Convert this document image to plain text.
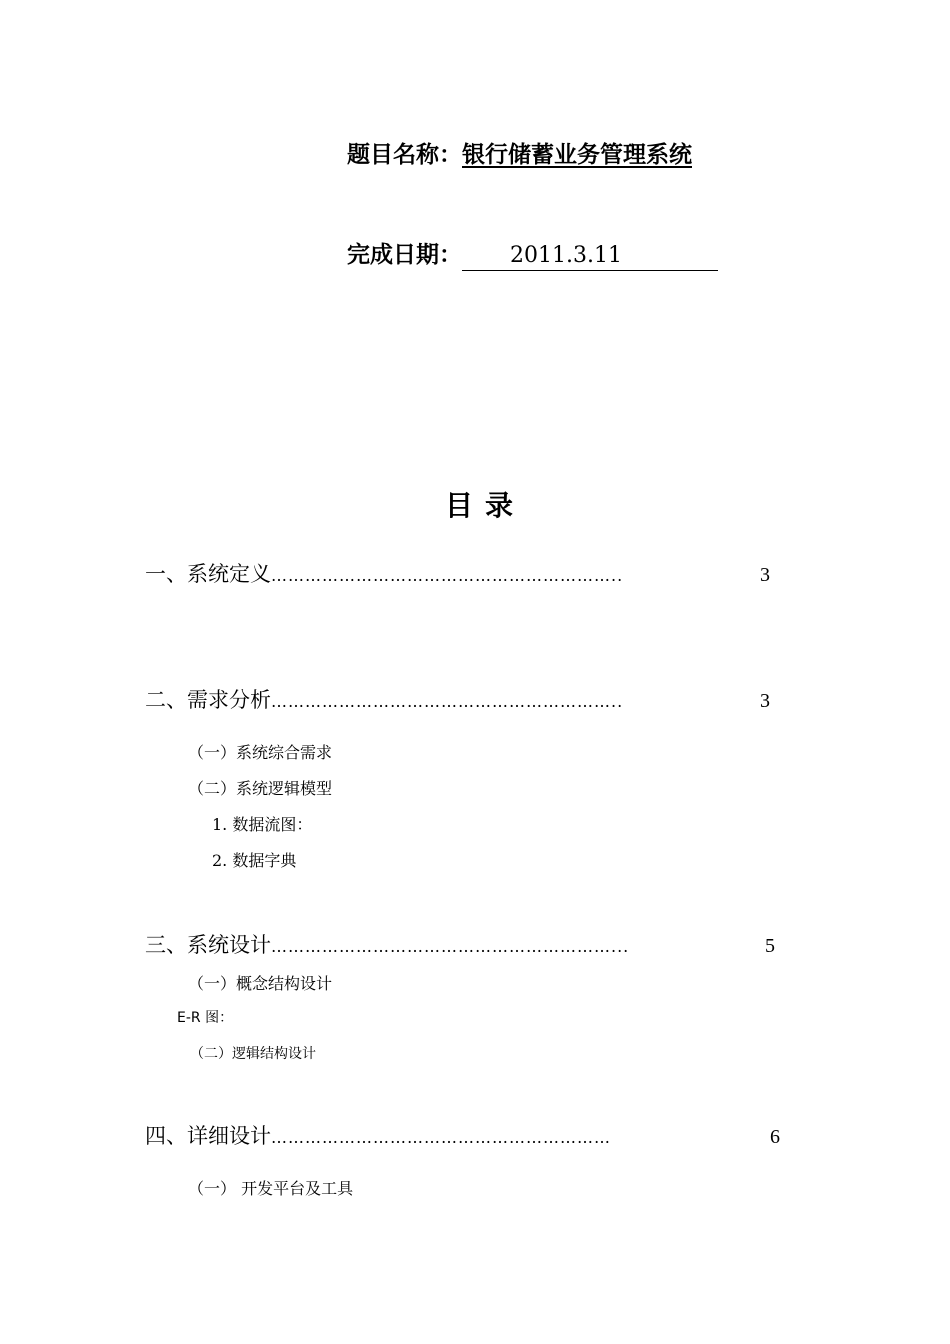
题目名称：银行储蓄业务管理系统
完成日期： 2011.3.11
目录
一、系统定义 ……………………………………………………..	3
二、需求分析 ……………………………………………………..	3
（一）系统综合需求
（二）系统逻辑模型
1. 数据流图：
2. 数据字典
三、系统设计 ……………………………………………………...	5
（一）概念结构设计
E-R 图：
（二）逻辑结构设计
四、详细设计 ……………………………………………………	6
（一） 开发平台及工具
